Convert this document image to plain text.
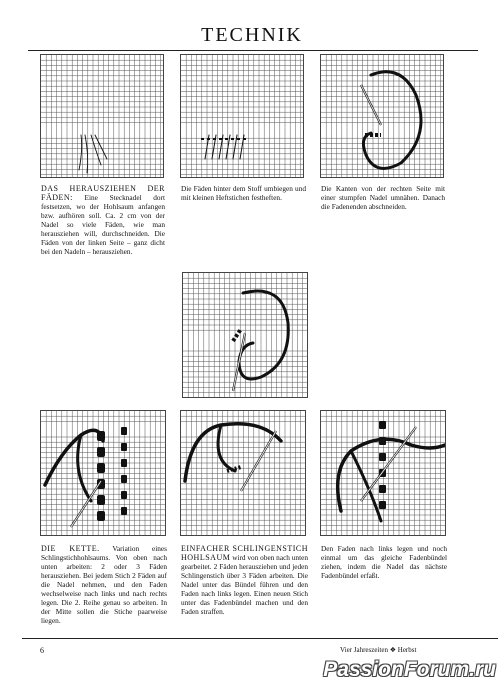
TECHNIK
DAS HERAUSZIEHEN DER FÄDEN: Eine Stecknadel dort festsetzen, wo der Hohlsaum anfangen bzw. aufhören soll. Ca. 2 cm von der Nadel so viele Fäden, wie man herausziehen will, durchschneiden. Die Fäden von der linken Seite – ganz dicht bei den Nadeln – herausziehen.
Die Fäden hinter dem Stoff umbiegen und mit kleinen Heftstichen festheften.
Die Kanten von der rechten Seite mit einer stumpfen Nadel umnähen. Danach die Fadenenden abschneiden.
DIE KETTE. Variation eines Schlingstichhohlsaums. Von oben nach unten arbeiten: 2 oder 3 Fäden herausziehen. Bei jedem Stich 2 Fäden auf die Nadel nehmen, und den Faden wechselweise nach links und nach rechts legen. Die 2. Reihe genau so arbeiten. In der Mitte sollen die Stiche paarweise liegen.
EINFACHER SCHLINGENSTICH HOHLSAUM wird von oben nach unten gearbeitet. 2 Fäden herausziehen und jeden Schlingenstich über 3 Fäden arbeiten. Die Nadel unter das Bündel führen und den Faden nach links legen. Einen neuen Stich unter das Fadenbündel machen und den Faden straffen.
Den Faden nach links legen und noch einmal um das gleiche Fadenbündel ziehen, indem die Nadel das nächste Fadenbündel erfaßt.
6	Vier Jahreszeiten ❖ Herbst
PassionForum.ru
